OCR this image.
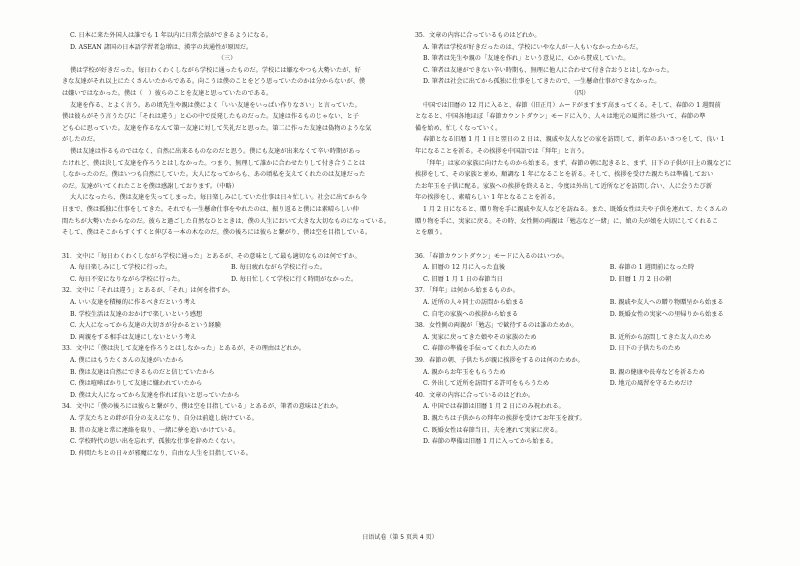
C. 日本に来た外国人は誰でも 1 年以内に日常会話ができるようになる。
D. ASEAN 諸国の日本語学習者急増は、漢字の共通性が原因だ。
（三）
僕は学校が好きだった。毎日わくわくしながら学校に通ったものだ。学校には嫌なやつも大勢いたが、好
きな友達がそれ以上にたくさんいたからである。向こうは僕のことをどう思っていたのかは分からないが、僕
は嫌いではなかった。僕は（　）彼らのことを友達と思っていたのである。
友達を作る、とよく言う。あの頃先生や親は僕によく「いい友達をいっぱい作りなさい」と言っていた。
僕は彼らがそう言うたびに「それは違う」と心の中で反発したものだった。友達は作るものじゃない、と子
ども心に思っていた。友達を作るなんて第一友達に対して失礼だと思った。第二に作った友達は偽物のような気
がしたのだ。
僕は友達は作るものではなく、自然に出来るものなのだと思う。僕にも友達が出来なくて辛い時期があっ
たけれど、僕は決して友達を作ろうとはしなかった。つまり、無理して誰かに合わせたりして付き合うことは
しなかったのだ。僕はいつも自然にしていた。大人になってからも、あの頃私を支えてくれたのは友達だった
のだ。友達がいてくれたことを僕は感謝しております。（中略）
大人になったら、僕は友達を失ってしまった。毎日楽しみにしていた仕事は日々忙しい。社会に出てから今
日まで、僕は孤独に仕事をしてきた。それでも一生懸命仕事をやれたのは、振り返ると僕には素晴らしい仲
間たちが大勢いたからなのだ。彼らと過ごした自然なひとときは、僕の人生において大きな大切なものになっている。
そして、僕はそこからすくすくと伸びる一本の木なのだ。僕の後ろには彼らと繋がり、僕は空を目指している。
31．文中に「毎日わくわくしながら学校に通った」とあるが、その意味として最も適切なものは何ですか。
A. 毎日楽しみにして学校に行った。	B. 毎日疲れながら学校に行った。
C. 毎日不安になりながら学校に行った。	D. 毎日忙しくて学校に行く時間がなかった。
32．文中に「それは違う」とあるが、「それ」は何を指すか。
A. いい友達を積極的に作るべきだという考え
B. 学校生活は友達のおかげで楽しいという感想
C. 大人になってから友達の大切さが分かるという経験
D. 両親をする相手は友達にしないという考え
33．文中に「僕は決して友達を作ろうとはしなかった」とあるが、その理由はどれか。
A. 僕にはもうたくさんの友達がいたから
B. 僕は友達は自然にできるものだと信じていたから
C. 僕は喧嘩ばかりして友達に嫌われていたから
D. 僕は大人になってから友達を作れば良いと思っていたから
34．文中に「僕の後ろには彼らと繋がり、僕は空を目指している」とあるが、筆者の意味はどれか。
A. 学友たちとの絆が自分の支えになり、自分は前進し続けている。
B. 昔の友達と常に連絡を取り、一緒に夢を追いかけている。
C. 学校時代の思い出を忘れず、孤独な仕事を辞めたくない。
D. 仲間たちとの日々が邪魔になり、自由な人生を目指している。
35．文章の内容に合っているものはどれか。
A. 筆者は学校が好きだったのは、学校にいやな人が一人もいなかったからだ。
B. 筆者は先生や親の「友達を作れ」という意見に、心から賛成していた。
C. 筆者は友達ができない辛い時期も、無理に他人に合わせて付き合おうとはしなかった。
D. 筆者は社会に出てから孤独に仕事をしてきたので、一生懸命仕事ができなかった。
（四）
中国では旧暦の 12 月に入ると、春節（旧正月）ムードがますます高まってくる。そして、春節の 1 週間前
となると、中国各地ほぼ「春節カウントダウン」モードに入り、人々は地元の風習に基づいて、春節の準
備を始め、忙しくなっていく。
春節となる旧暦 1 月 1 日と翌日の 2 日は、親戚や友人などの家を訪問して、新年のあいさつをして、良い 1
年になることを祈る。その挨拶を中国語では「拜年」と言う。
「拜年」は家の家族に向けたものから始まる。まず、春節の朝に起きると、まず、日下の子供が日上の親などに
挨拶をして、その家族と並め、順調な 1 年になることを祈る。そして、挨拶を受けた親たちは準備しておい
たお年玉を子供に配る。家族への挨拶を終えると、今度は外出して近所などを訪問し合い、人に会うたび新
年の挨拶をし、素晴らしい 1 年となることを祈る。
1 月 2 日になると、贈り物を手に親戚や友人などを訪ねる。また、既婚女性は夫や子供を連れて、たくさんの
贈り物を手に、実家に戻る。その時、女性側の両親は「勉志など一緒」に、娘の夫が娘を大切にしてくれるこ
とを願う。
36．「春節カウントダウン」モードに入るのはいつか。
A. 旧暦の 12 月に入った直後	B. 春節の 1 週間前になった時
C. 旧暦 1 月 1 日の春節当日	D. 旧暦 1 月 2 日の朝
37．「拜年」は何から始まるものか。
A. 近所の人々同士の訪問から始まる	B. 親戚や友人への贈り物贈呈から始まる
C. 自宅の家族への挨拶から始まる	D. 既婚女性の実家への里帰りから始まる
38．女性側の両親が「勉志」で歓待するのは誰のためか。
A. 実家に戻ってきた娘やその家族のため	B. 近所から訪問してきた友人のため
C. 春節の準備を手伝ってくれた人のため	D. 日下の子供たちのため
39．春節の朝、子供たちが親に挨拶をするのは何のためか。
A. 親からお年玉をもらうため	B. 親の健康や長寿などを祈るため
C. 外出して近所を訪問する許可をもらうため	D. 地元の風習を守るためだけ
40．文章の内容に合っているのはどれか。
A. 中国では春節は旧暦 1 月 2 日にのみ祝われる。
B. 親たちは子供からの拜年の挨拶を受けてお年玉を渡す。
C. 既婚女性は春節当日、夫を連れて実家に戻る。
D. 春節の準備は旧暦 1 月に入ってから始まる。
日语试卷（第 5 页共 4 页）
